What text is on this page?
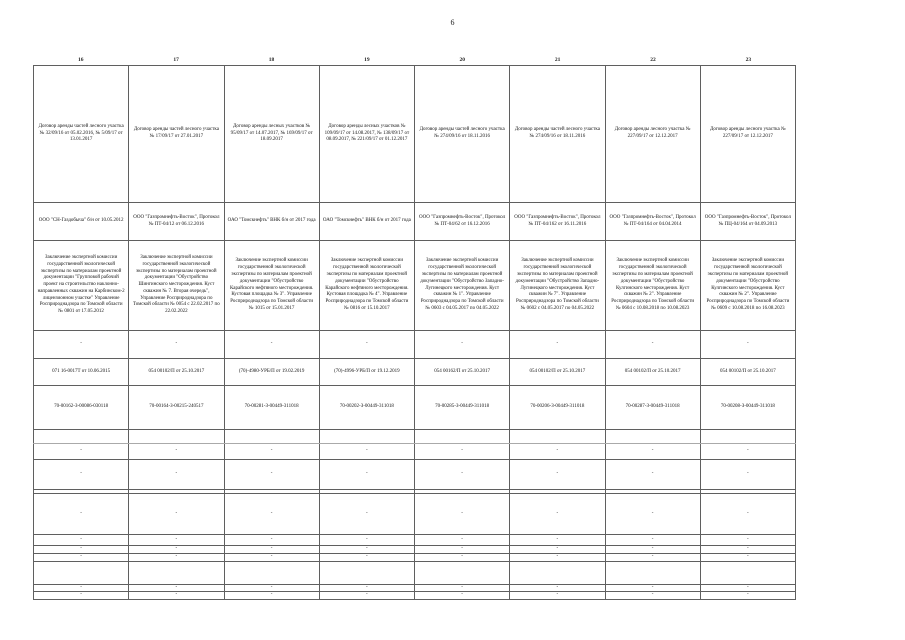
6
16	17	18	19	20	21	22	23
Договор аренды частей лесного участка № 32/09/16 от 05.02.2016, № 5/09/17 от 13.01.2017	Договор аренды частей лесного участка № 17/09/17 от 27.01.2017	Договор аренды лесных участков № 95/09/17 от 14.07.2017, № 169/09/17 от 18.09.2017	Договор аренды лесных участков № 109/09/17 от 14.08.2017, № 138/09/17 от 08.09.2017, № 221/09/17 от 01.12.2017	Договор аренды частей лесного участка № 274/09/16 от 18.11.2016	Договор аренды частей лесного участка № 274/09/16 от 18.11.2016	Договор аренды лесного участка № 227/09/17 от 12.12.2017	Договор аренды лесного участка № 227/09/17 от 12.12.2017
ООО "СН-Газдобыча" б/н от 10.05.2012	ООО "Газпромнефть-Восток", Протокол № ПТ-04/12 от 06.12.2016	ОАО "Томскнефть" ВНК б/н от 2017 года	ОАО "Томскнефть" ВНК б/н от 2017 года	ООО "Газпромнефть-Восток", Протокол № ПТ-04/62 от 16.12.2016	ООО "Газпромнефть-Восток", Протокол № ПТ-04/162 от 16.11.2016	ООО "Газпромнефть-Восток", Протокол № ПТ-04/164 от 04.04.2014	ООО "Газпромнефть-Восток", Протокол № ПЦ-04/164 от 04.09.2013
Заключение экспертной комиссии государственной экологической экспертизы по материалам проектной документации "Групповой рабочий проект на строительство наклонно-направленных скважин на Карбинском-2 лицензионном участке" Управление Росприроднадзора по Томской области № 0801 от 17.05.2012	Заключение экспертной комиссии государственной экологической экспертизы по материалам проектной документации "Обустройство Шингинского месторождения. Куст скважин № 7. Вторая очередь", Управление Росприроднадзора по Томской области № 0054 с 22.02.2017 по 22.02.2022	Заключение экспертной комиссии государственной экологической экспертизы по материалам проектной документации "Обустройство Карайского нефтяного месторождения. Кустовая площадка № 3". Управление Росприроднадзора по Томской области № 1015 от 15.01.2017	Заключение экспертной комиссии государственной экологической экспертизы по материалам проектной документации "Обустройство Карайского нефтяного месторождения. Кустовая площадка № 4". Управление Росприроднадзора по Томской области № 0816 от 15.10.2017	Заключение экспертной комиссии государственной экологической экспертизы по материалам проектной документации "Обустройство Западно-Лугинецкого месторождения. Куст скважин № 1". Управление Росприроднадзора по Томской области № 0603 с 04.05.2017 по 04.05.2022	Заключение экспертной комиссии государственной экологической экспертизы по материалам проектной документации "Обустройство Западно-Лугинецкого месторождения. Куст скважин № 7". Управление Росприроднадзора по Томской области № 0602 с 04.05.2017 по 04.05.2022	Заключение экспертной комиссии государственной экологической экспертизы по материалам проектной документации "Обустройство Кулгинского месторождения. Куст скважин № 2". Управление Росприроднадзора по Томской области № 0604 с 10.08.2018 по 10.08.2023	Заключение экспертной комиссии государственной экологической экспертизы по материалам проектной документации "Обустройство Кулгинского месторождения. Куст скважин № 2". Управление Росприроднадзора по Томской области № 0609 с 10.08.2018 по 16.08.2023
-	-	-	-	-	-	-	-
071 16-0017Т от 10.06.2015	054 00102/П от 25.10.2017	(70)-4980-УРБ/П от 19.02.2019	(70)-4996-УРБ/П от 19.12.2019	054 00162/П от 25.10.2017	054 00102/П от 25.10.2017	054 00102/П от 25.10.2017	054 00102/П от 25.10.2017
70-00162-З-00086-030118	70-00164-З-00215-240517	70-00281-З-00449-311018	70-00202-З-00449-311018	70-00285-З-00449-311018	70-00206-З-00449-311018	70-00287-З-00449-311018	70-00208-З-00449-311018

-	-	-	-	-	-	-	-
-	-	-	-	-	-	-	-

-	-	-	-	-	-	-	-
-	-	-	-	-	-	-	-
-	-	-	-	-	-	-	-
-	-	-	-	-	-	-	-

-	-	-	-	-	-	-	-
-	-	-	-	-	-	-	-
